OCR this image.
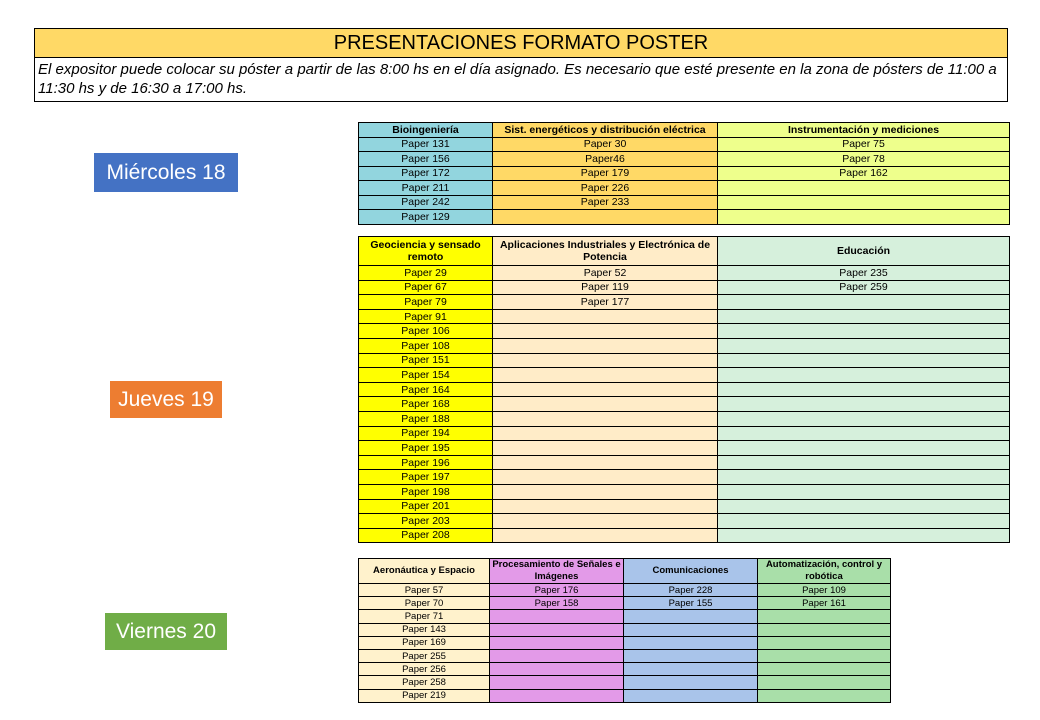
PRESENTACIONES FORMATO POSTER
El expositor puede colocar su póster a partir de las 8:00 hs en el día asignado. Es necesario que esté presente en la zona de pósters de 11:00 a 11:30 hs y de 16:30 a 17:00 hs.
Miércoles 18
Jueves 19
Viernes 20
Bioingeniería	Sist. energéticos y distribución eléctrica	Instrumentación y mediciones
Paper 131	Paper 30	Paper 75
Paper 156	Paper46	Paper 78
Paper 172	Paper 179	Paper 162
Paper 211	Paper 226	
Paper 242	Paper 233	
Paper 129		
Geociencia y sensado remoto	Aplicaciones Industriales y Electrónica de Potencia	Educación
Paper 29	Paper 52	Paper 235
Paper 67	Paper 119	Paper 259
Paper 79	Paper 177	
Paper 91		
Paper 106		
Paper 108		
Paper 151		
Paper 154		
Paper 164		
Paper 168		
Paper 188		
Paper 194		
Paper 195		
Paper 196		
Paper 197		
Paper 198		
Paper 201		
Paper 203		
Paper 208		
Aeronáutica y Espacio	Procesamiento de Señales e Imágenes	Comunicaciones	Automatización, control y robótica
Paper 57	Paper 176	Paper 228	Paper 109
Paper 70	Paper 158	Paper 155	Paper 161
Paper 71			
Paper 143			
Paper 169			
Paper 255			
Paper 256			
Paper 258			
Paper 219			
